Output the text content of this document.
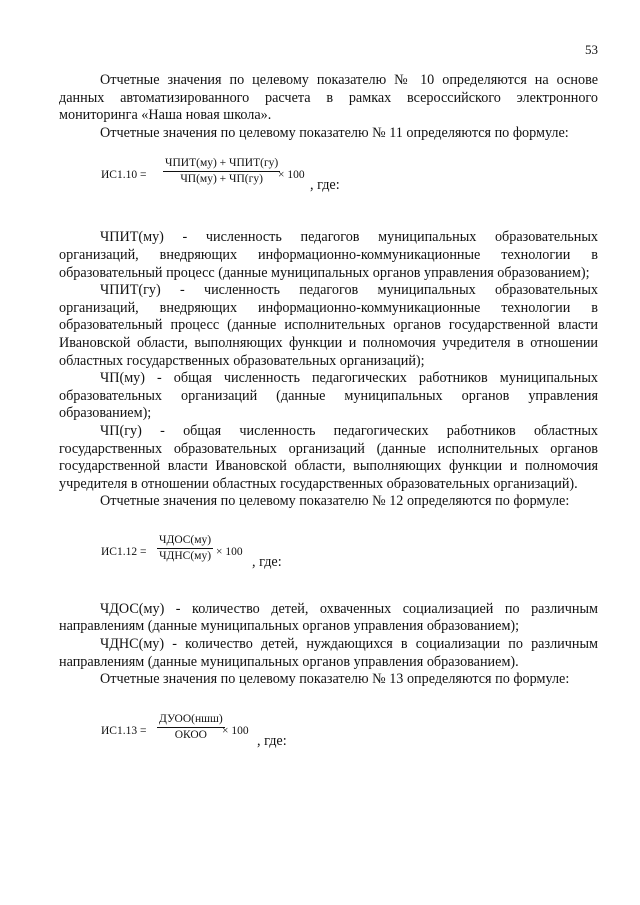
53

Отчетные значения по целевому показателю № 10 определяются на основе данных автоматизированного расчета в рамках всероссийского электронного мониторинга «Наша новая школа».

Отчетные значения по целевому показателю № 11 определяются по формуле:

ИС1.10 =
ЧПИТ(му) + ЧПИТ(гу)
ЧП(му) + ЧП(гу)	× 100
, где:

ЧПИТ(му) - численность педагогов муниципальных образовательных организаций, внедряющих информационно-коммуникационные технологии в образовательный процесс (данные муниципальных органов управления образованием);

ЧПИТ(гу) - численность педагогов муниципальных образовательных организаций, внедряющих информационно-коммуникационные технологии в образовательный процесс (данные исполнительных органов государственной власти Ивановской области, выполняющих функции и полномочия учредителя в отношении областных государственных образовательных организаций);

ЧП(му) - общая численность педагогических работников муниципальных образовательных организаций (данные муниципальных органов управления образованием);

ЧП(гу) - общая численность педагогических работников областных государственных образовательных организаций (данные исполнительных органов государственной власти Ивановской области, выполняющих функции и полномочия учредителя в отношении областных государственных образовательных организаций).

Отчетные значения по целевому показателю № 12 определяются по формуле:

ИС1.12 =
ЧДОС(му)
ЧДНС(му) × 100
, где:

ЧДОС(му) - количество детей, охваченных социализацией по различным направлениям (данные муниципальных органов управления образованием);

ЧДНС(му) - количество детей, нуждающихся в социализации по различным направлениям (данные муниципальных органов управления образованием).

Отчетные значения по целевому показателю № 13 определяются по формуле:

ИС1.13 =
ДУОО(ншш)
ОКОО	× 100
, где:
